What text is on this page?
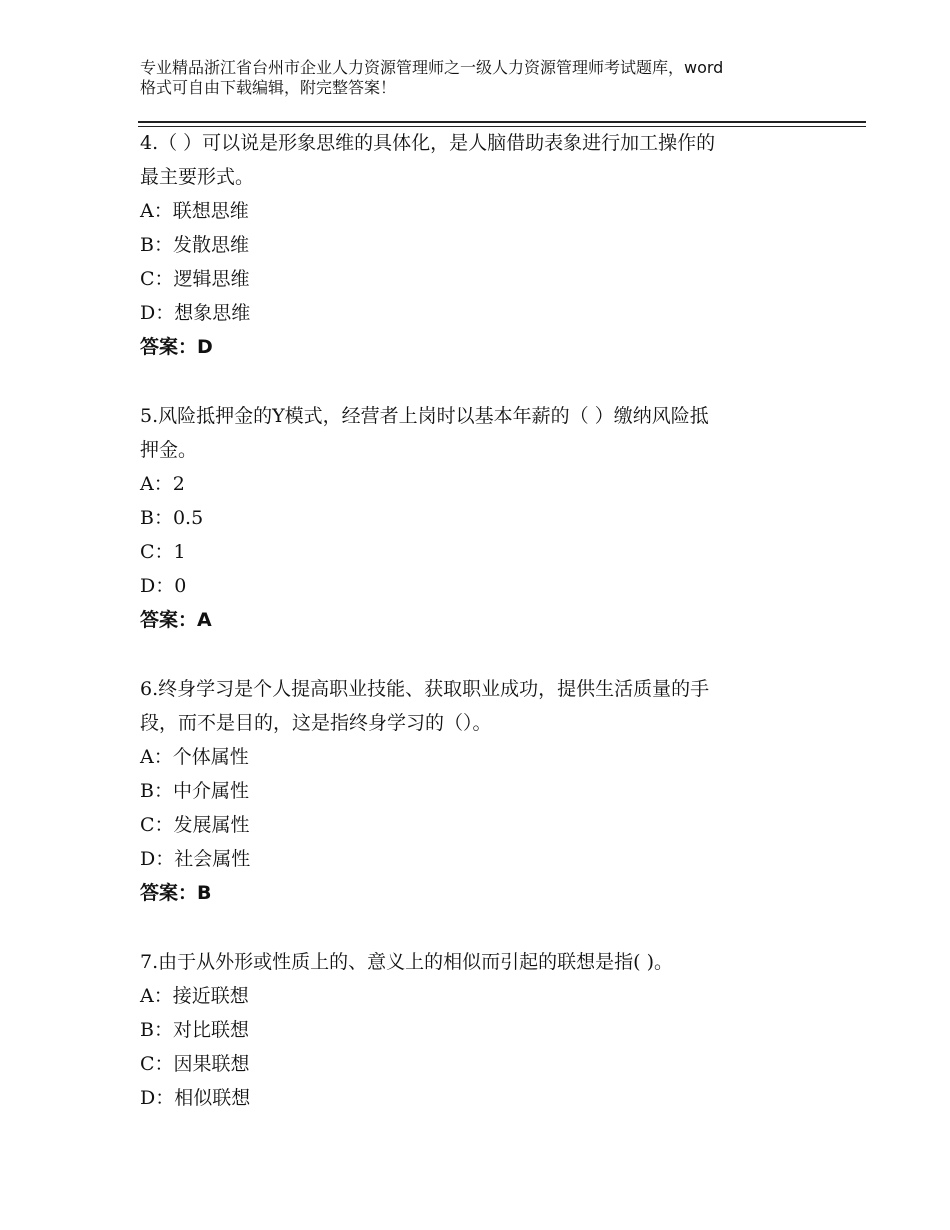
专业精品浙江省台州市企业人力资源管理师之一级人力资源管理师考试题库，word
格式可自由下载编辑，附完整答案！
4.（ ）可以说是形象思维的具体化，是人脑借助表象进行加工操作的
最主要形式。
A：联想思维
B：发散思维
C：逻辑思维
D：想象思维
答案：D
5.风险抵押金的Y模式，经营者上岗时以基本年薪的（ ）缴纳风险抵
押金。
A：2
B：0.5
C：1
D：0
答案：A
6.终身学习是个人提高职业技能、获取职业成功，提供生活质量的手
段，而不是目的，这是指终身学习的（）。
A：个体属性
B：中介属性
C：发展属性
D：社会属性
答案：B
7.由于从外形或性质上的、意义上的相似而引起的联想是指( )。
A：接近联想
B：对比联想
C：因果联想
D：相似联想
